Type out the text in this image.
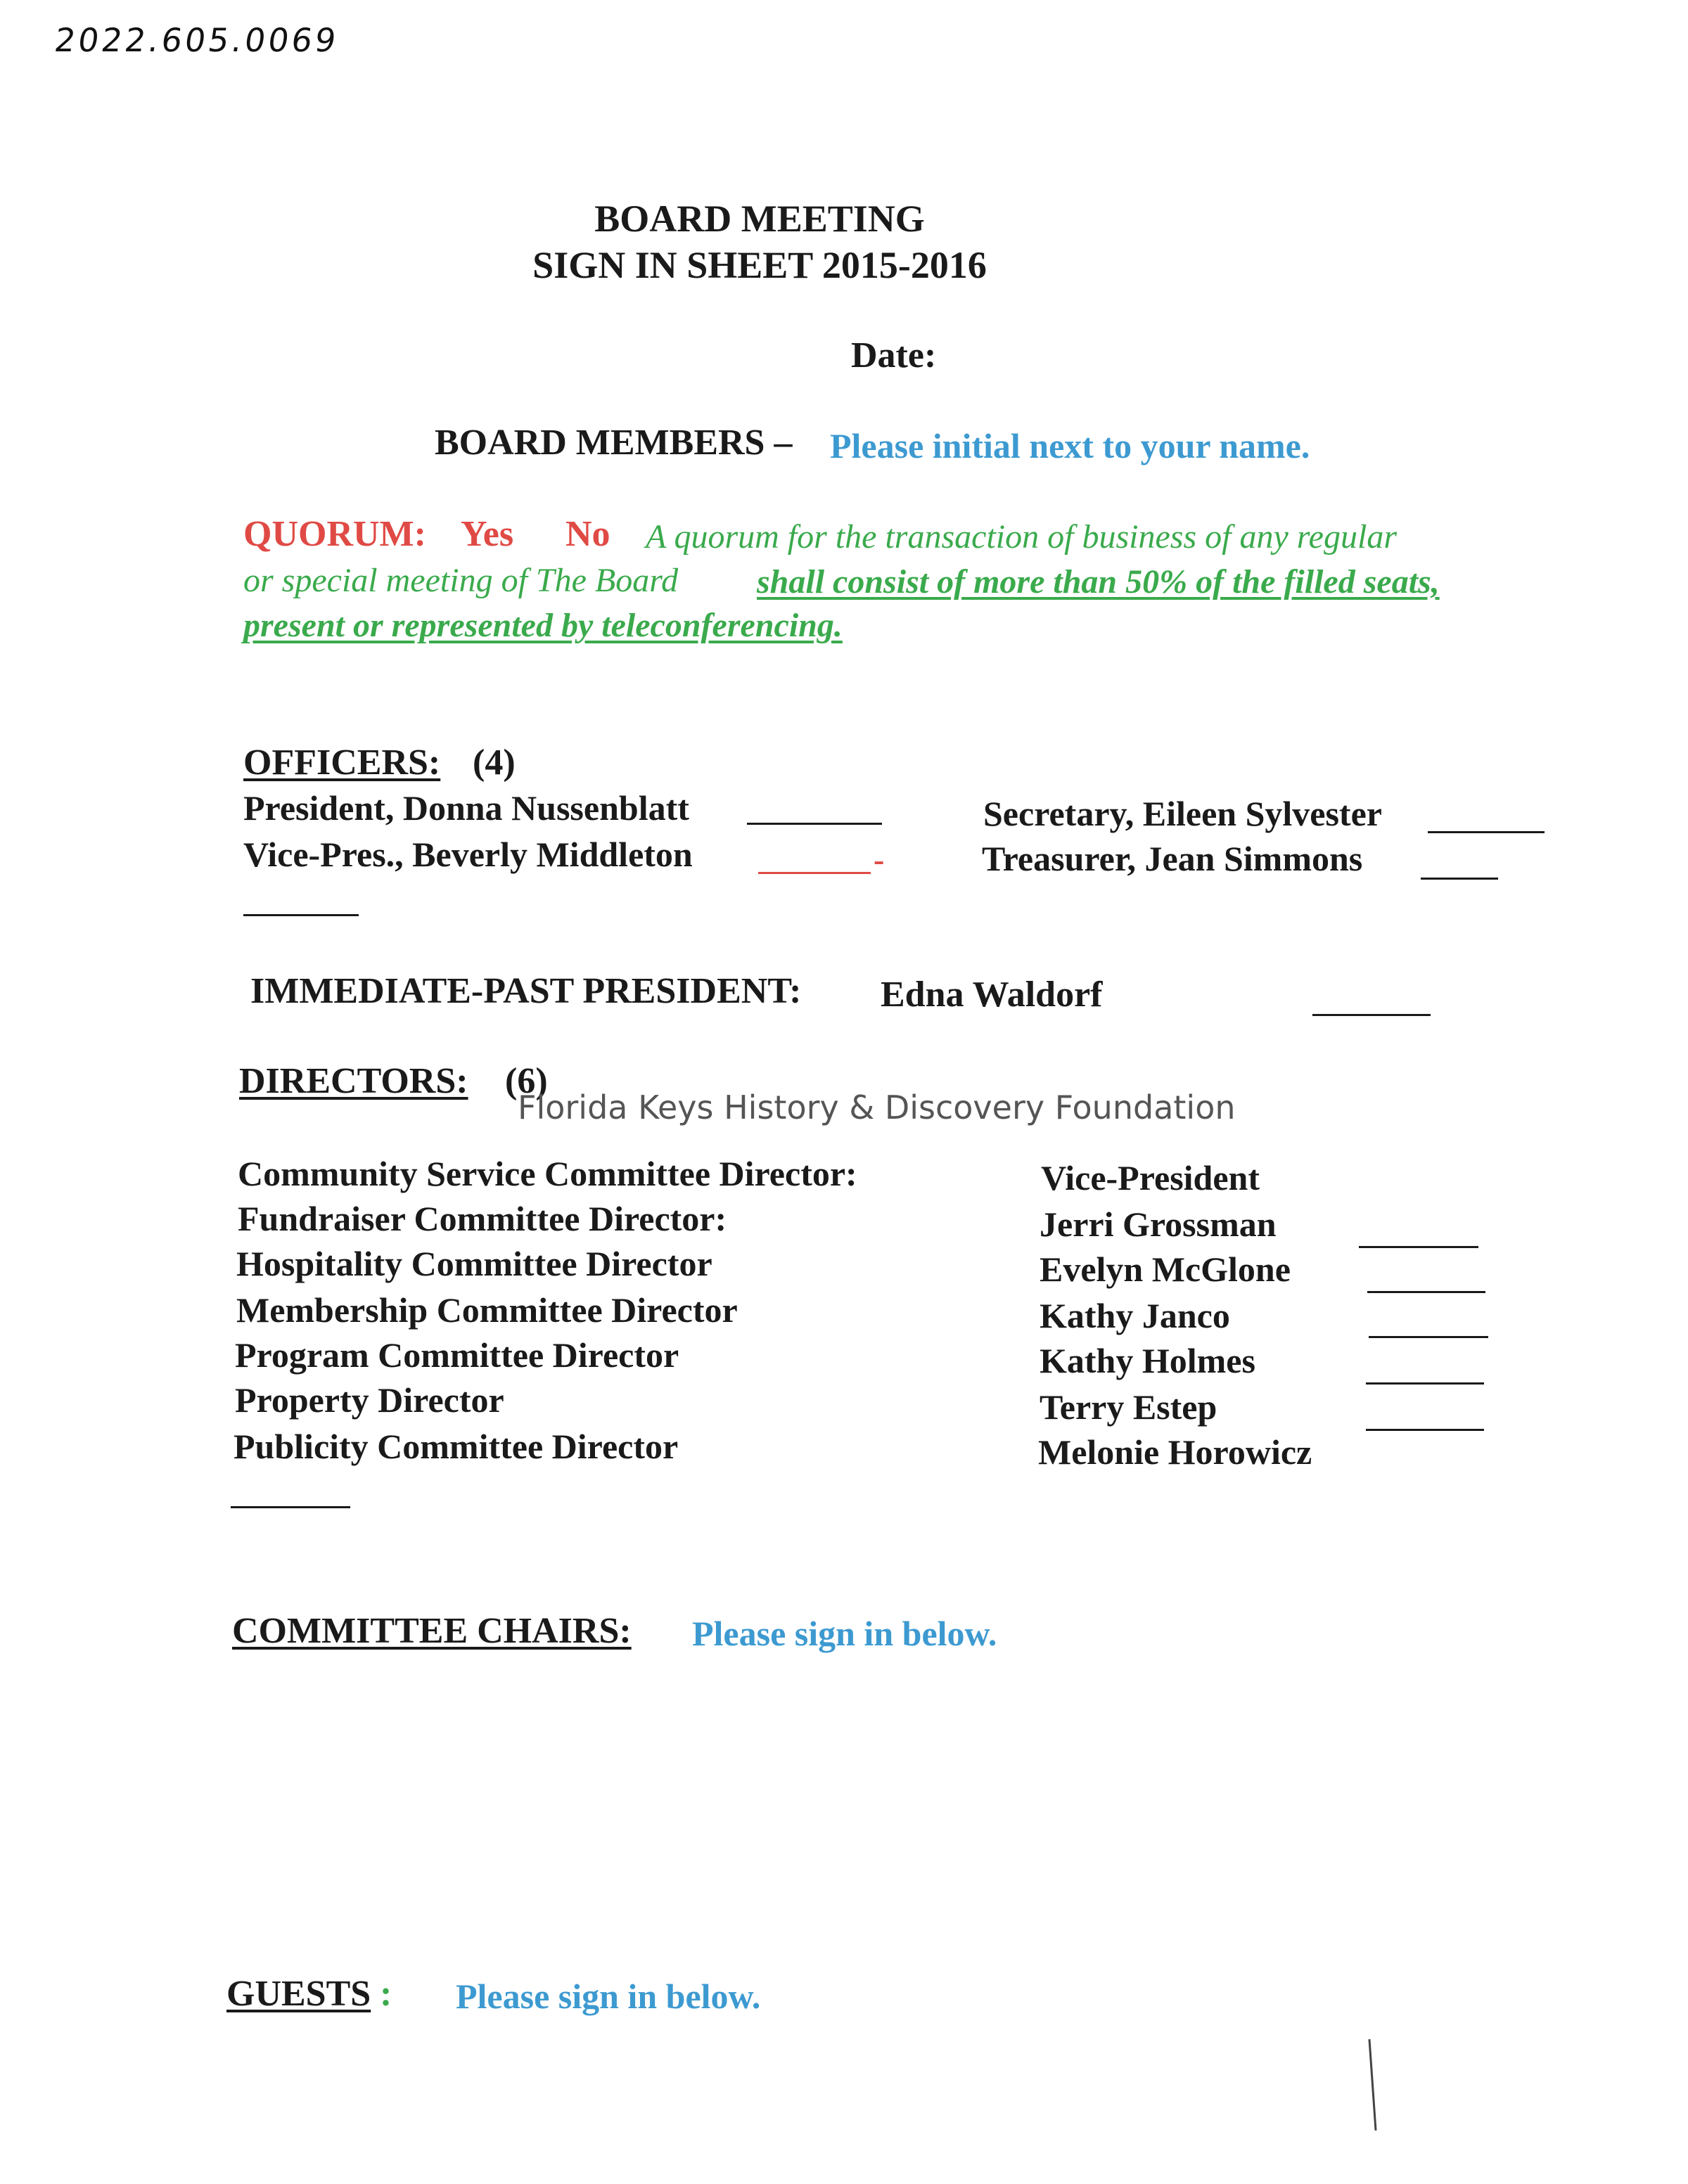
2022.605.0069
BOARD MEETING
SIGN IN SHEET 2015-2016
Date:
BOARD MEMBERS – Please initial next to your name.
QUORUM: Yes No A quorum for the transaction of business of any regular
or special meeting of The Board shall consist of more than 50% of the filled seats,
present or represented by teleconferencing.
OFFICERS: (4)
President, Donna Nussenblatt
Vice-Pres., Beverly Middleton	-
Secretary, Eileen Sylvester
Treasurer, Jean Simmons
IMMEDIATE-PAST PRESIDENT: Edna Waldorf
DIRECTORS: (6)
Florida Keys History & Discovery Foundation
Community Service Committee Director:
Fundraiser Committee Director:
Hospitality Committee Director
Membership Committee Director
Program Committee Director
Property Director
Publicity Committee Director
Vice-President
Jerri Grossman
Evelyn McGlone
Kathy Janco
Kathy Holmes
Terry Estep
Melonie Horowicz
COMMITTEE CHAIRS: Please sign in below.
GUESTS : Please sign in below.
